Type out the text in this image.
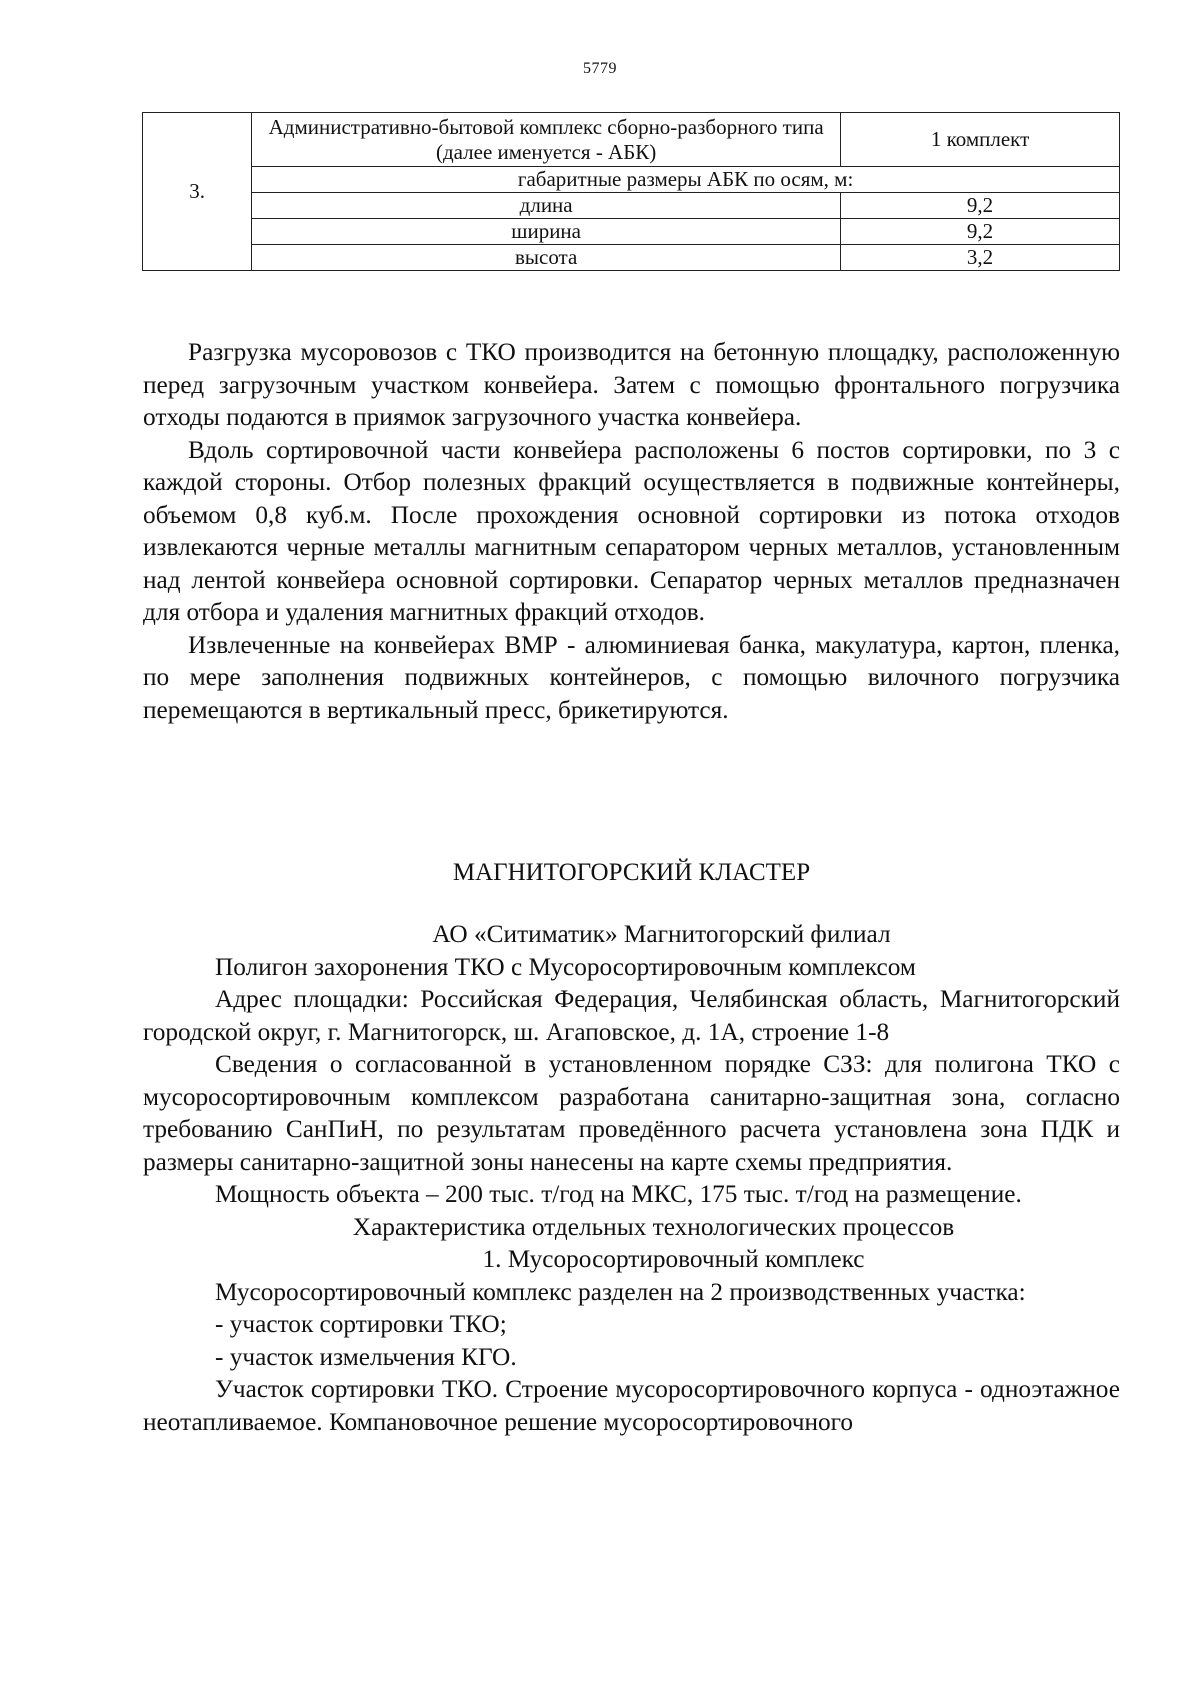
5779
3.	Административно-бытовой комплекс сборно-разборного типа (далее именуется - АБК)	1 комплект
	габаритные размеры АБК по осям, м:	
	длина	9,2
	ширина	9,2
	высота	3,2

Разгрузка мусоровозов с ТКО производится на бетонную площадку, расположенную перед загрузочным участком конвейера. Затем с помощью фронтального погрузчика отходы подаются в приямок загрузочного участка конвейера.

Вдоль сортировочной части конвейера расположены 6 постов сортировки, по 3 с каждой стороны. Отбор полезных фракций осуществляется в подвижные контейнеры, объемом 0,8 куб.м. После прохождения основной сортировки из потока отходов извлекаются черные металлы магнитным сепаратором черных металлов, установленным над лентой конвейера основной сортировки. Сепаратор черных металлов предназначен для отбора и удаления магнитных фракций отходов.

Извлеченные на конвейерах ВМР - алюминиевая банка, макулатура, картон, пленка, по мере заполнения подвижных контейнеров, с помощью вилочного погрузчика перемещаются в вертикальный пресс, брикетируются.

МАГНИТОГОРСКИЙ КЛАСТЕР

АО «Ситиматик» Магнитогорский филиал

Полигон захоронения ТКО с Мусоросортировочным комплексом

Адрес площадки: Российская Федерация, Челябинская область, Магнитогорский городской округ, г. Магнитогорск, ш. Агаповское, д. 1А, строение 1-8

Сведения о согласованной в установленном порядке СЗЗ: для полигона ТКО с мусоросортировочным комплексом разработана санитарно-защитная зона, согласно требованию СанПиН, по результатам проведённого расчета установлена зона ПДК и размеры санитарно-защитной зоны нанесены на карте схемы предприятия.

Мощность объекта – 200 тыс. т/год на МКС, 175 тыс. т/год на размещение.

Характеристика отдельных технологических процессов

1. Мусоросортировочный комплекс

Мусоросортировочный комплекс разделен на 2 производственных участка:

- участок сортировки ТКО;

- участок измельчения КГО.

Участок сортировки ТКО. Строение мусоросортировочного корпуса - одноэтажное неотапливаемое. Компановочное решение мусоросортировочного
